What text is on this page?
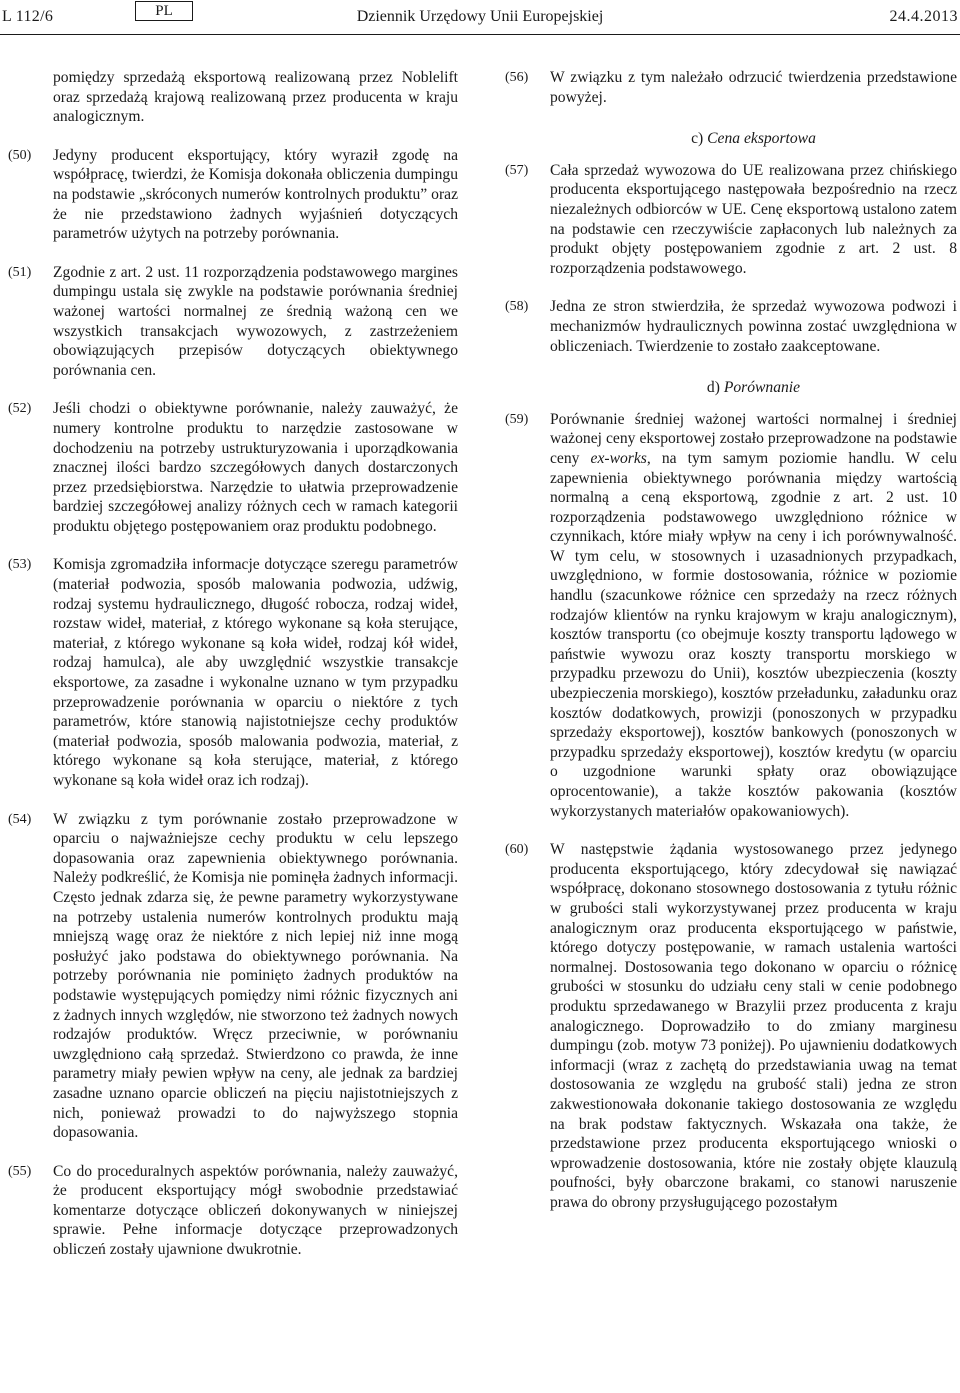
L 112/6	PL	Dziennik Urzędowy Unii Europejskiej	24.4.2013

pomiędzy sprzedażą eksportową realizowaną przez Noblelift oraz sprzedażą krajową realizowaną przez producenta w kraju analogicznym.

(50) Jedyny producent eksportujący, który wyraził zgodę na współpracę, twierdzi, że Komisja dokonała obliczenia dumpingu na podstawie „skróconych numerów kontrolnych produktu” oraz że nie przedstawiono żadnych wyjaśnień dotyczących parametrów użytych na potrzeby porównania.

(51) Zgodnie z art. 2 ust. 11 rozporządzenia podstawowego margines dumpingu ustala się zwykle na podstawie porównania średniej ważonej wartości normalnej ze średnią ważoną cen we wszystkich transakcjach wywozowych, z zastrzeżeniem obowiązujących przepisów dotyczących obiektywnego porównania cen.

(52) Jeśli chodzi o obiektywne porównanie, należy zauważyć, że numery kontrolne produktu to narzędzie zastosowane w dochodzeniu na potrzeby ustrukturyzowania i uporządkowania znacznej ilości bardzo szczegółowych danych dostarczonych przez przedsiębiorstwa. Narzędzie to ułatwia przeprowadzenie bardziej szczegółowej analizy różnych cech w ramach kategorii produktu objętego postępowaniem oraz produktu podobnego.

(53) Komisja zgromadziła informacje dotyczące szeregu parametrów (materiał podwozia, sposób malowania podwozia, udźwig, rodzaj systemu hydraulicznego, długość robocza, rodzaj wideł, rozstaw wideł, materiał, z którego wykonane są koła sterujące, materiał, z którego wykonane są koła wideł, rodzaj kół wideł, rodzaj hamulca), ale aby uwzględnić wszystkie transakcje eksportowe, za zasadne i wykonalne uznano w tym przypadku przeprowadzenie porównania w oparciu o niektóre z tych parametrów, które stanowią najistotniejsze cechy produktów (materiał podwozia, sposób malowania podwozia, materiał, z którego wykonane są koła sterujące, materiał, z którego wykonane są koła wideł oraz ich rodzaj).

(54) W związku z tym porównanie zostało przeprowadzone w oparciu o najważniejsze cechy produktu w celu lepszego dopasowania oraz zapewnienia obiektywnego porównania. Należy podkreślić, że Komisja nie pominęła żadnych informacji. Często jednak zdarza się, że pewne parametry wykorzystywane na potrzeby ustalenia numerów kontrolnych produktu mają mniejszą wagę oraz że niektóre z nich lepiej niż inne mogą posłużyć jako podstawa do obiektywnego porównania. Na potrzeby porównania nie pominięto żadnych produktów na podstawie występujących pomiędzy nimi różnic fizycznych ani z żadnych innych względów, nie stworzono też żadnych nowych rodzajów produktów. Wręcz przeciwnie, w porównaniu uwzględniono całą sprzedaż. Stwierdzono co prawda, że inne parametry miały pewien wpływ na ceny, ale jednak za bardziej zasadne uznano oparcie obliczeń na pięciu najistotniejszych z nich, ponieważ prowadzi to do najwyższego stopnia dopasowania.

(55) Co do proceduralnych aspektów porównania, należy zauważyć, że producent eksportujący mógł swobodnie przedstawiać komentarze dotyczące obliczeń dokonywanych w niniejszej sprawie. Pełne informacje dotyczące przeprowadzonych obliczeń zostały ujawnione dwukrotnie.

(56) W związku z tym należało odrzucić twierdzenia przedstawione powyżej.

c) Cena eksportowa

(57) Cała sprzedaż wywozowa do UE realizowana przez chińskiego producenta eksportującego następowała bezpośrednio na rzecz niezależnych odbiorców w UE. Cenę eksportową ustalono zatem na podstawie cen rzeczywiście zapłaconych lub należnych za produkt objęty postępowaniem zgodnie z art. 2 ust. 8 rozporządzenia podstawowego.

(58) Jedna ze stron stwierdziła, że sprzedaż wywozowa podwozi i mechanizmów hydraulicznych powinna zostać uwzględniona w obliczeniach. Twierdzenie to zostało zaakceptowane.

d) Porównanie

(59) Porównanie średniej ważonej wartości normalnej i średniej ważonej ceny eksportowej zostało przeprowadzone na podstawie ceny ex-works, na tym samym poziomie handlu. W celu zapewnienia obiektywnego porównania między wartością normalną a ceną eksportową, zgodnie z art. 2 ust. 10 rozporządzenia podstawowego uwzględniono różnice w czynnikach, które miały wpływ na ceny i ich porównywalność. W tym celu, w stosownych i uzasadnionych przypadkach, uwzględniono, w formie dostosowania, różnice w poziomie handlu (szacunkowe różnice cen sprzedaży na rzecz różnych rodzajów klientów na rynku krajowym w kraju analogicznym), kosztów transportu (co obejmuje koszty transportu lądowego w państwie wywozu oraz koszty transportu morskiego w przypadku przewozu do Unii), kosztów ubezpieczenia (koszty ubezpieczenia morskiego), kosztów przeładunku, załadunku oraz kosztów dodatkowych, prowizji (ponoszonych w przypadku sprzedaży eksportowej), kosztów bankowych (ponoszonych w przypadku sprzedaży eksportowej), kosztów kredytu (w oparciu o uzgodnione warunki spłaty oraz obowiązujące oprocentowanie), a także kosztów pakowania (kosztów wykorzystanych materiałów opakowaniowych).

(60) W następstwie żądania wystosowanego przez jedynego producenta eksportującego, który zdecydował się nawiązać współpracę, dokonano stosownego dostosowania z tytułu różnic w grubości stali wykorzystywanej przez producenta w kraju analogicznym oraz producenta eksportującego w państwie, którego dotyczy postępowanie, w ramach ustalenia wartości normalnej. Dostosowania tego dokonano w oparciu o różnicę grubości w stosunku do udziału ceny stali w cenie podobnego produktu sprzedawanego w Brazylii przez producenta z kraju analogicznego. Doprowadziło to do zmiany marginesu dumpingu (zob. motyw 73 poniżej). Po ujawnieniu dodatkowych informacji (wraz z zachętą do przedstawiania uwag na temat dostosowania ze względu na grubość stali) jedna ze stron zakwestionowała dokonanie takiego dostosowania ze względu na brak podstaw faktycznych. Wskazała ona także, że przedstawione przez producenta eksportującego wnioski o wprowadzenie dostosowania, które nie zostały objęte klauzulą poufności, były obarczone brakami, co stanowi naruszenie prawa do obrony przysługującego pozostałym
